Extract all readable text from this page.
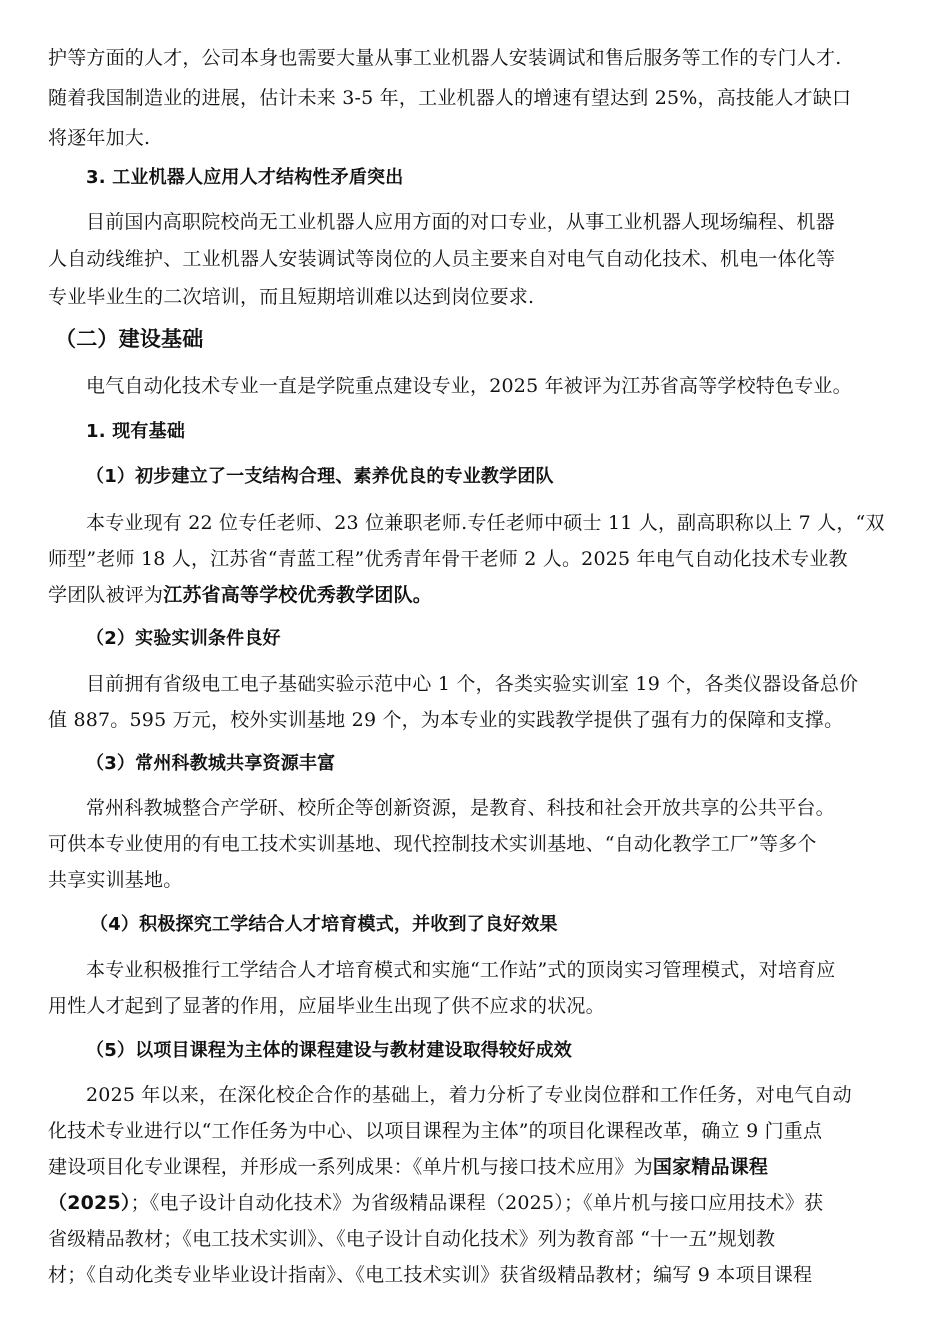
护等方面的人才，公司本身也需要大量从事工业机器人安装调试和售后服务等工作的专门人才.
随着我国制造业的进展，估计未来 3-5 年，工业机器人的增速有望达到 25%，高技能人才缺口
将逐年加大.
3. 工业机器人应用人才结构性矛盾突出
目前国内高职院校尚无工业机器人应用方面的对口专业，从事工业机器人现场编程、机器
人自动线维护、工业机器人安装调试等岗位的人员主要来自对电气自动化技术、机电一体化等
专业毕业生的二次培训，而且短期培训难以达到岗位要求.
（二）建设基础
电气自动化技术专业一直是学院重点建设专业，2025 年被评为江苏省高等学校特色专业。
1. 现有基础
（1）初步建立了一支结构合理、素养优良的专业教学团队
本专业现有 22 位专任老师、23 位兼职老师.专任老师中硕士 11 人，副高职称以上 7 人，“双
师型”老师 18 人，江苏省“青蓝工程”优秀青年骨干老师 2 人。2025 年电气自动化技术专业教
学团队被评为江苏省高等学校优秀教学团队。
（2）实验实训条件良好
目前拥有省级电工电子基础实验示范中心 1 个，各类实验实训室 19 个，各类仪器设备总价
值 887。595 万元，校外实训基地 29 个，为本专业的实践教学提供了强有力的保障和支撑。
（3）常州科教城共享资源丰富
常州科教城整合产学研、校所企等创新资源，是教育、科技和社会开放共享的公共平台。
可供本专业使用的有电工技术实训基地、现代控制技术实训基地、“自动化教学工厂”等多个
共享实训基地。
（4）积极探究工学结合人才培育模式，并收到了良好效果
本专业积极推行工学结合人才培育模式和实施“工作站”式的顶岗实习管理模式，对培育应
用性人才起到了显著的作用，应届毕业生出现了供不应求的状况。
（5）以项目课程为主体的课程建设与教材建设取得较好成效
2025 年以来，在深化校企合作的基础上，着力分析了专业岗位群和工作任务，对电气自动
化技术专业进行以“工作任务为中心、以项目课程为主体”的项目化课程改革，确立 9 门重点
建设项目化专业课程，并形成一系列成果：《单片机与接口技术应用》为国家精品课程
（2025）；《电子设计自动化技术》为省级精品课程（2025）；《单片机与接口应用技术》获
省级精品教材；《电工技术实训》、《电子设计自动化技术》列为教育部 “十一五”规划教
材；《自动化类专业毕业设计指南》、《电工技术实训》获省级精品教材；编写 9 本项目课程
